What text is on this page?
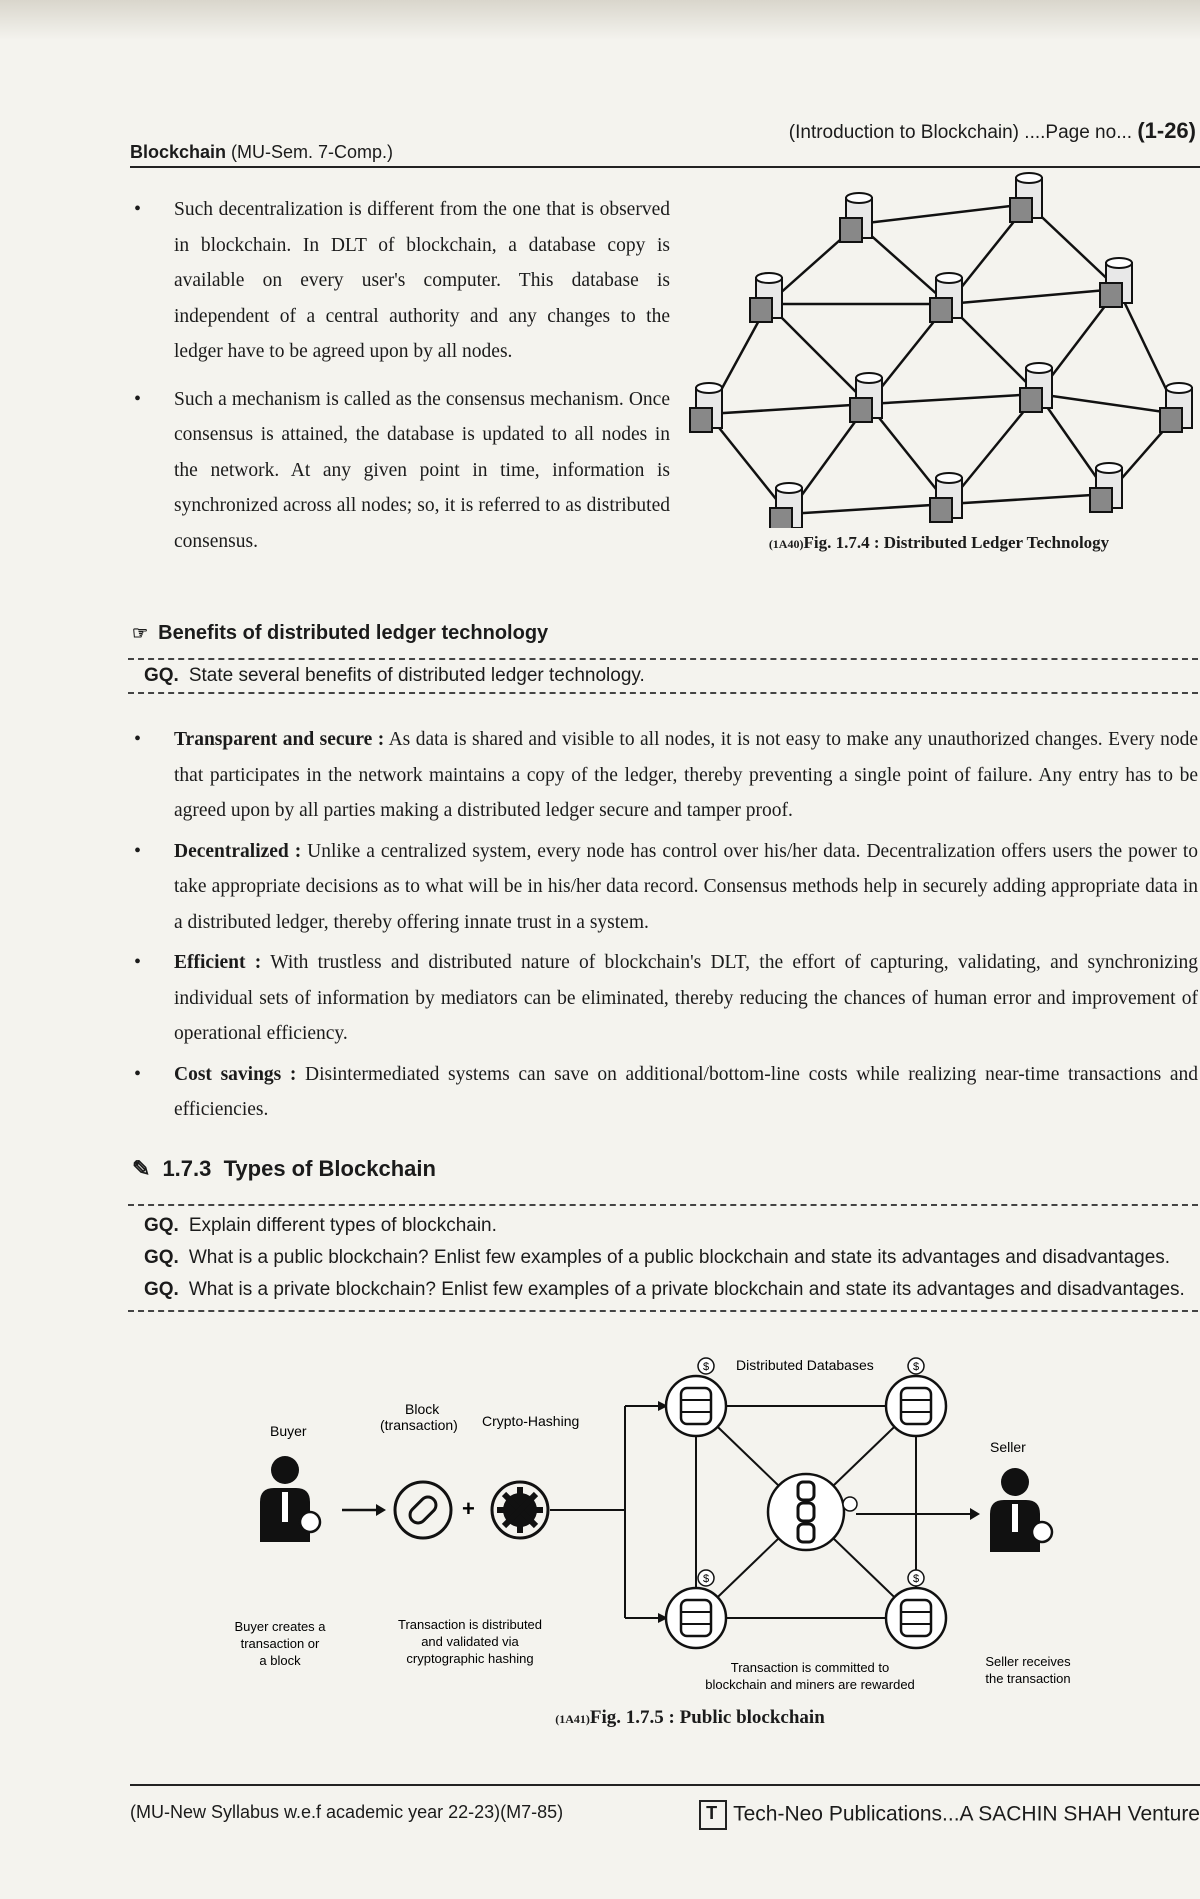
Blockchain (MU-Sem. 7-Comp.)
(Introduction to Blockchain) ....Page no... (1-26)
• Such decentralization is different from the one that is observed in blockchain. In DLT of blockchain, a database copy is available on every user's computer. This database is independent of a central authority and any changes to the ledger have to be agreed upon by all nodes.
• Such a mechanism is called as the consensus mechanism. Once consensus is attained, the database is updated to all nodes in the network. At any given point in time, information is synchronized across all nodes; so, it is referred to as distributed consensus.	(1A40)Fig. 1.7.4 : Distributed Ledger Technology
☞ Benefits of distributed ledger technology
GQ. State several benefits of distributed ledger technology.
• Transparent and secure : As data is shared and visible to all nodes, it is not easy to make any unauthorized changes. Every node that participates in the network maintains a copy of the ledger, thereby preventing a single point of failure. Any entry has to be agreed upon by all parties making a distributed ledger secure and tamper proof.
• Decentralized : Unlike a centralized system, every node has control over his/her data. Decentralization offers users the power to take appropriate decisions as to what will be in his/her data record. Consensus methods help in securely adding appropriate data in a distributed ledger, thereby offering innate trust in a system.
• Efficient : With trustless and distributed nature of blockchain's DLT, the effort of capturing, validating, and synchronizing individual sets of information by mediators can be eliminated, thereby reducing the chances of human error and improvement of operational efficiency.
• Cost savings : Disintermediated systems can save on additional/bottom-line costs while realizing near-time transactions and efficiencies.
✎ 1.7.3 Types of Blockchain
GQ. Explain different types of blockchain.
GQ. What is a public blockchain? Enlist few examples of a public blockchain and state its advantages and disadvantages.
GQ. What is a private blockchain? Enlist few examples of a private blockchain and state its advantages and disadvantages.
Buyer
Block
(transaction)
+
Crypto-Hashing
$	$
$	$
Distributed Databases
Seller
Buyer creates a
transaction or
a block
Transaction is distributed
and validated via
cryptographic hashing
Transaction is committed to
blockchain and miners are rewarded
Seller receives
the transaction
(1A41)Fig. 1.7.5 : Public blockchain
(MU-New Syllabus w.e.f academic year 22-23)(M7-85)
T	Tech-Neo Publications...A SACHIN SHAH Venture
